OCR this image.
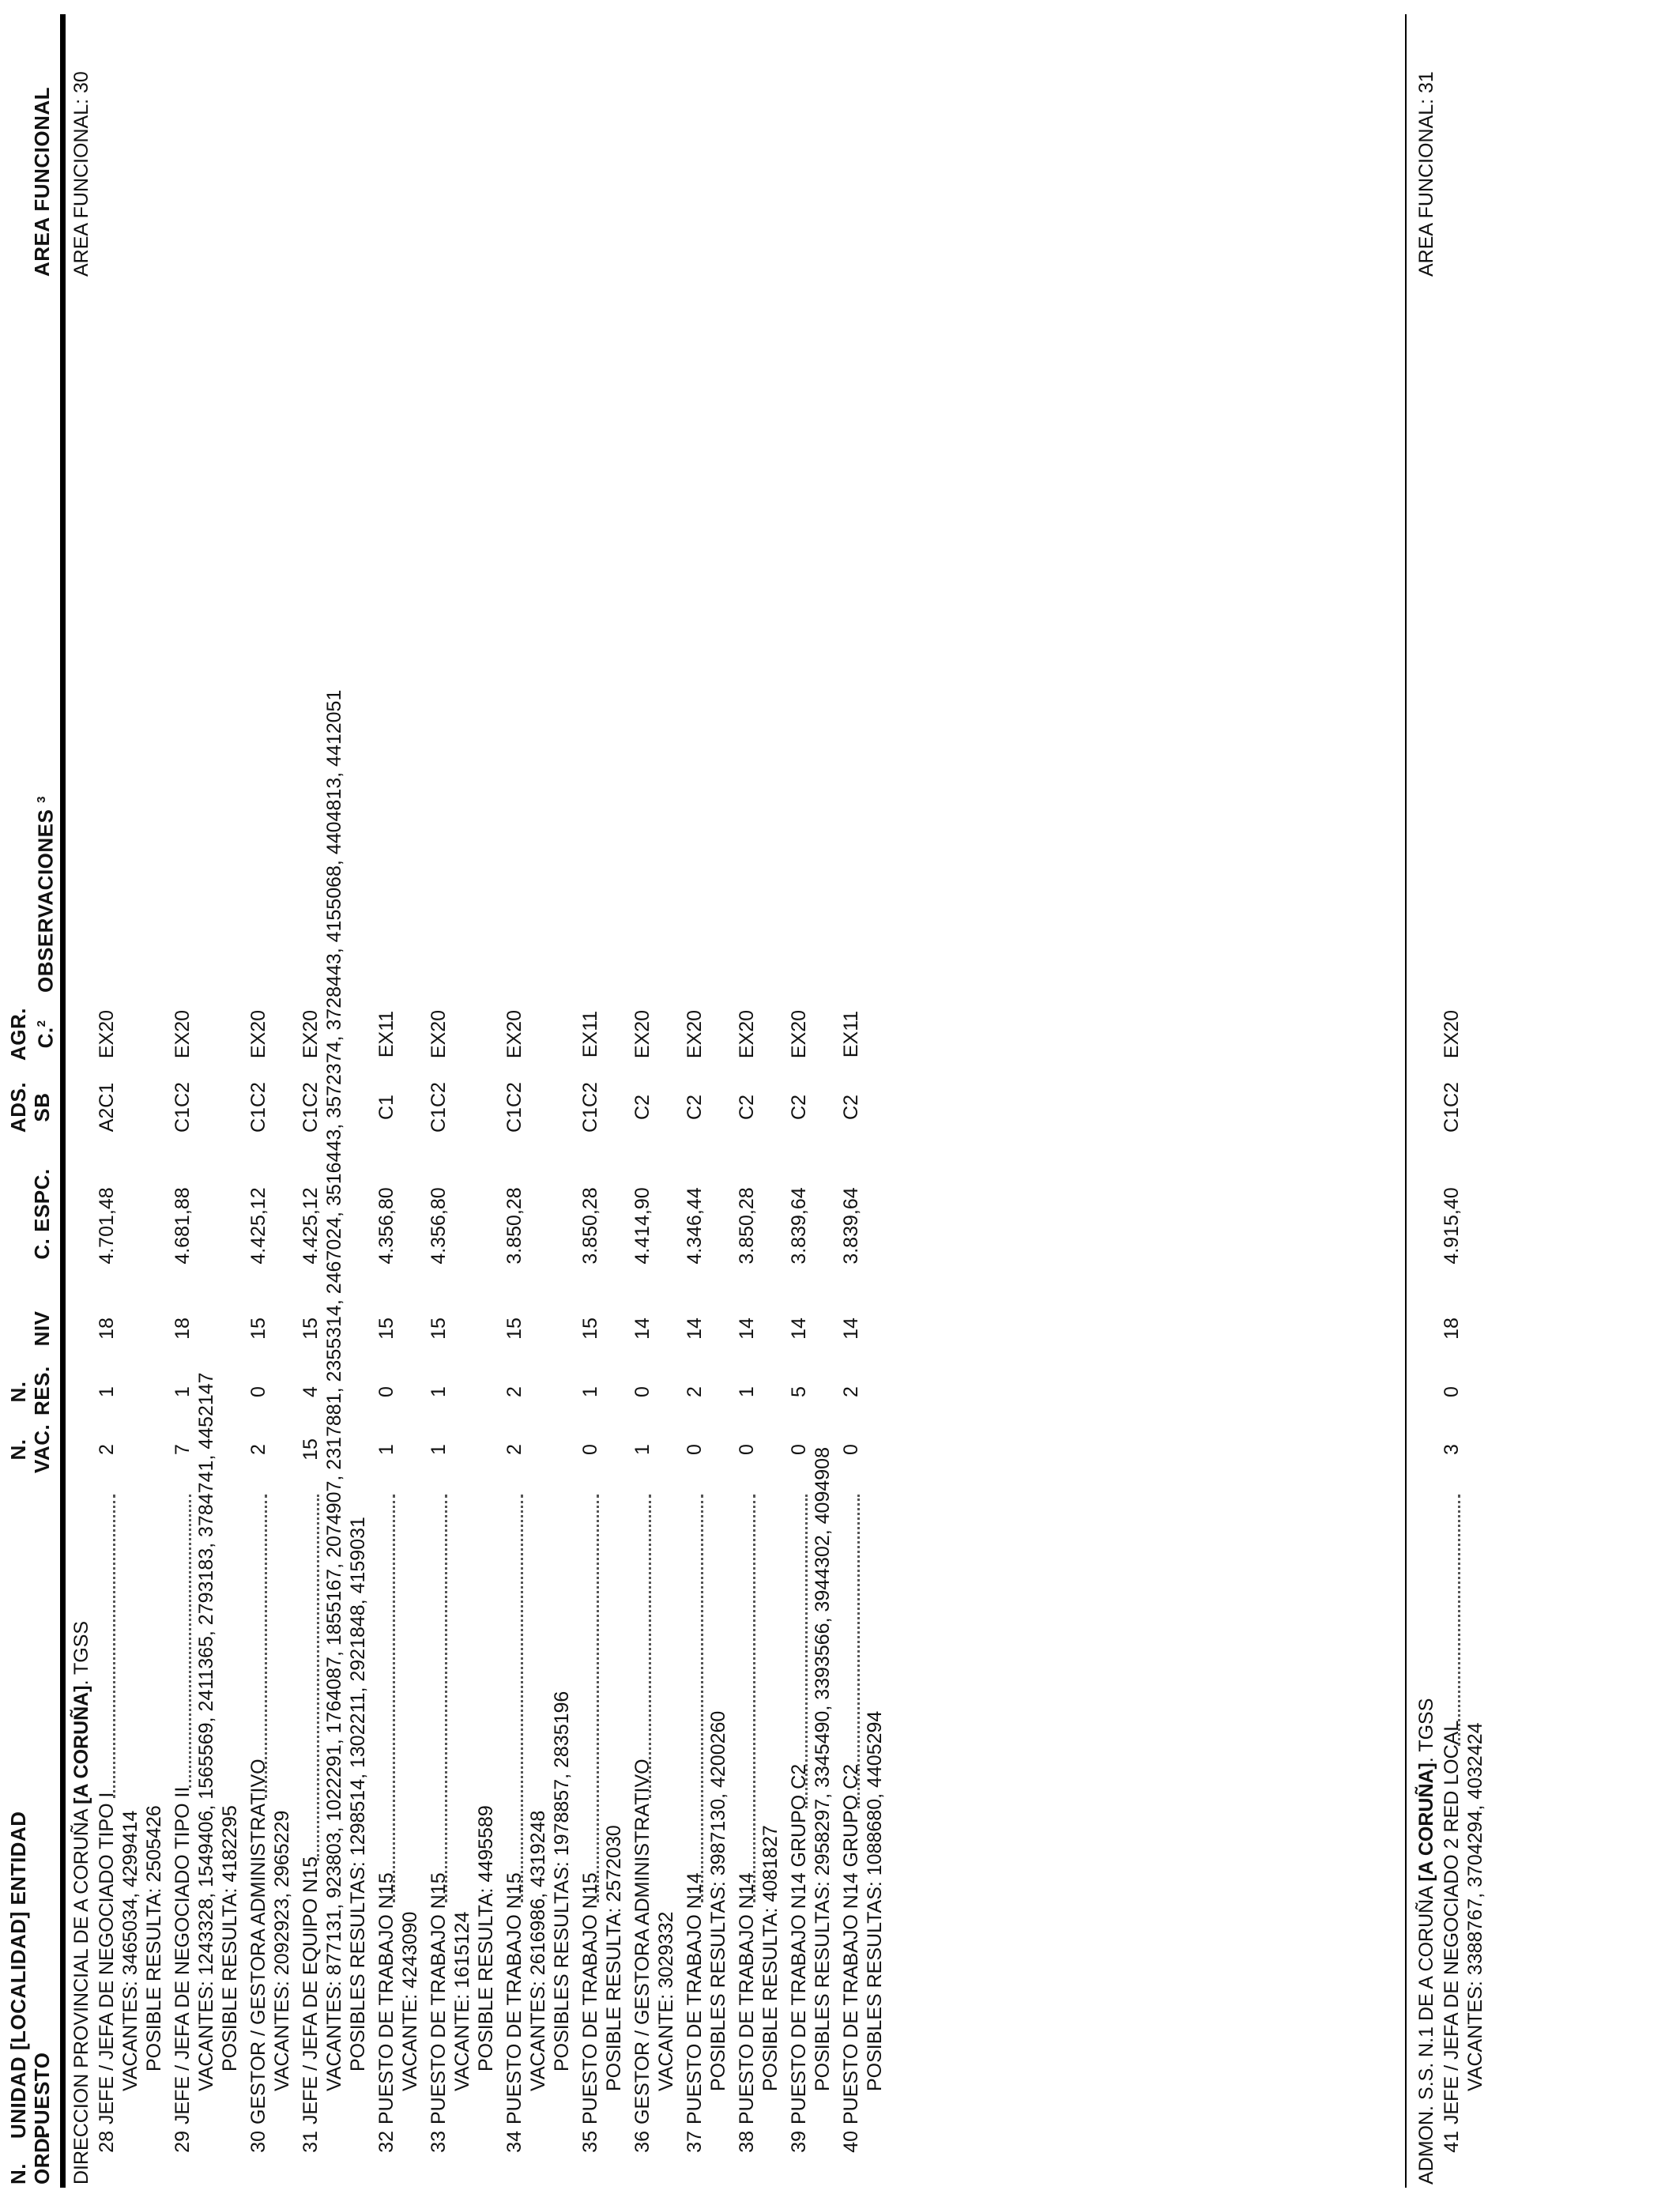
N. ORD.
UNIDAD [LOCALIDAD] ENTIDAD PUESTO
N. VAC.
N. RES.

NIV

C. ESPC.
ADS. SB
AGR. C.$^2$

OBSERVACIONES $^3$

AREA FUNCIONAL
DIRECCION PROVINCIAL DE A CORUÑA [A CORUÑA]. TGSS
AREA FUNCIONAL: 30
28
JEFE / JEFA DE NEGOCIADO TIPO I
2
1
18
4.701,48
A2C1
EX20
VACANTES: 3465034, 4299414 POSIBLE RESULTA: 2505426
29
JEFE / JEFA DE NEGOCIADO TIPO II
7
1
18
4.681,88
C1C2
EX20
VACANTES: 1243328, 1549406, 1565569, 2411365, 2793183, 3784741, 4452147 POSIBLE RESULTA: 4182295
30
GESTOR / GESTORA ADMINISTRATIVO
2
0
15
4.425,12
C1C2
EX20
VACANTES: 2092923, 2965229
31
JEFE / JEFA DE EQUIPO N15
15
4
15
4.425,12
C1C2
EX20 VACANTES: 877131, 923803, 1022291, 1764087, 1855167, 2074907, 2317881, 2355314, 2467024, 3516443, 3572374, 3728443, 4155068, 4404813, 4412051 POSIBLES RESULTAS: 1298514, 1302211, 2921848, 4159031
32
PUESTO DE TRABAJO N15
1
0
15
4.356,80
C1
EX11
VACANTE: 4243090
33
PUESTO DE TRABAJO N15
1
1
15
4.356,80
C1C2
EX20
VACANTE: 1615124 POSIBLE RESULTA: 4495589
34
PUESTO DE TRABAJO N15
2
2
15
3.850,28
C1C2
EX20
VACANTES: 2616986, 4319248 POSIBLES RESULTAS: 1978857, 2835196
35
PUESTO DE TRABAJO N15
0
1
15
3.850,28
C1C2
EX11
POSIBLE RESULTA: 2572030
36
GESTOR / GESTORA ADMINISTRATIVO
1
0
14
4.414,90
C2
EX20
VACANTE: 3029332
37
PUESTO DE TRABAJO N14
0
2
14
4.346,44
C2
EX20
POSIBLES RESULTAS: 3987130, 4200260
38
PUESTO DE TRABAJO N14
0
1
14
3.850,28
C2
EX20
POSIBLE RESULTA: 4081827
39
PUESTO DE TRABAJO N14 GRUPO C2
0
5
14
3.839,64
C2
EX20
POSIBLES RESULTAS: 2958297, 3345490, 3393566, 3944302, 4094908
40
PUESTO DE TRABAJO N14 GRUPO C2
0
2
14
3.839,64
C2
EX11
POSIBLES RESULTAS: 1088680, 4405294	ADMON. S.S. N.1 DE A CORUÑA [A CORUÑA]. TGSS
AREA FUNCIONAL: 31
41
JEFE / JEFA DE NEGOCIADO 2 RED LOCAL
3
0
18
4.915,40
C1C2
EX20
VACANTES: 3388767, 3704294, 4032424
